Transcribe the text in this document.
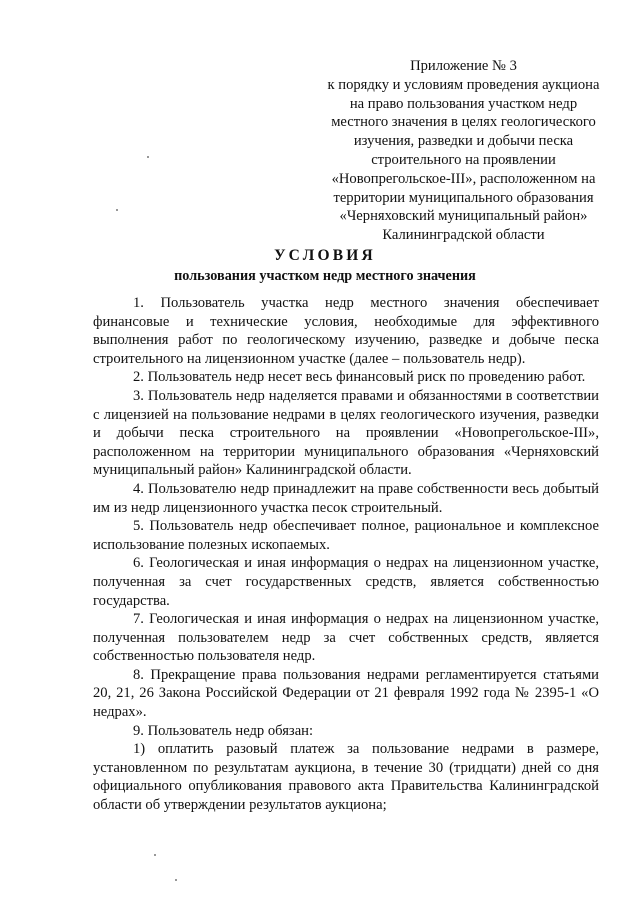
Приложение № 3
к порядку и условиям проведения аукциона
на право пользования участком недр
местного значения в целях геологического
изучения, разведки и добычи песка
строительного на проявлении
«Новопрегольское-III», расположенном на
территории муниципального образования
«Черняховский муниципальный район»
Калининградской области
УСЛОВИЯ
пользования участком недр местного значения

1. Пользователь участка недр местного значения обеспечивает финансовые и технические условия, необходимые для эффективного выполнения работ по геологическому изучению, разведке и добыче песка строительного на лицензионном участке (далее – пользователь недр).

2. Пользователь недр несет весь финансовый риск по проведению работ.

3. Пользователь недр наделяется правами и обязанностями в соответствии с лицензией на пользование недрами в целях геологического изучения, разведки и добычи песка строительного на проявлении «Новопрегольское-III», расположенном на территории муниципального образования «Черняховский муниципальный район» Калининградской области.

4. Пользователю недр принадлежит на праве собственности весь добытый им из недр лицензионного участка песок строительный.

5. Пользователь недр обеспечивает полное, рациональное и комплексное использование полезных ископаемых.

6. Геологическая и иная информация о недрах на лицензионном участке, полученная за счет государственных средств, является собственностью государства.

7. Геологическая и иная информация о недрах на лицензионном участке, полученная пользователем недр за счет собственных средств, является собственностью пользователя недр.

8. Прекращение права пользования недрами регламентируется статьями 20, 21, 26 Закона Российской Федерации от 21 февраля 1992 года № 2395-1 «О недрах».

9. Пользователь недр обязан:

1) оплатить разовый платеж за пользование недрами в размере, установленном по результатам аукциона, в течение 30 (тридцати) дней со дня официального опубликования правового акта Правительства Калининградской области об утверждении результатов аукциона;
